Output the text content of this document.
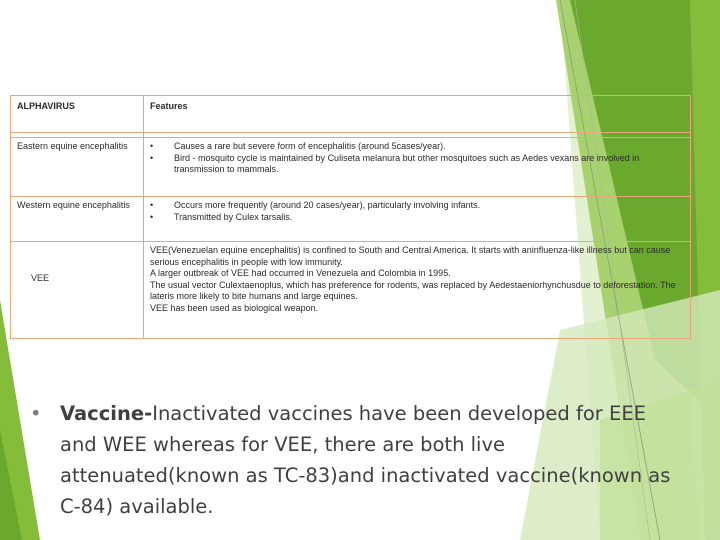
ALPHAVIRUS	Features

Eastern equine encephalitis	• Causes a rare but severe form of encephalitis (around 5cases/year).
• Bird - mosquito cycle is maintained by Culiseta melanura but other mosquitoes such as Aedes vexans are involved in transmission to mammals.

Western equine encephalitis	• Occurs more frequently (around 20 cases/year), particularly involving infants.
• Transmitted by Culex tarsalis.

VEE	VEE(Venezuelan equine encephalitis) is confined to South and Central America. It starts with aninfluenza-like illness but can cause serious encephalitis in people with low immunity.
A larger outbreak of VEE had occurred in Venezuela and Colombia in 1995.
The usual vector Culextaenoplus, which has preference for rodents, was replaced by Aedestaeniorhynchusdue to deforestation. The lateris more likely to bite humans and large equines.
VEE has been used as biological weapon.
• Vaccine-Inactivated vaccines have been developed for EEE and WEE whereas for VEE, there are both live attenuated(known as TC-83)and inactivated vaccine(known as C-84) available.
